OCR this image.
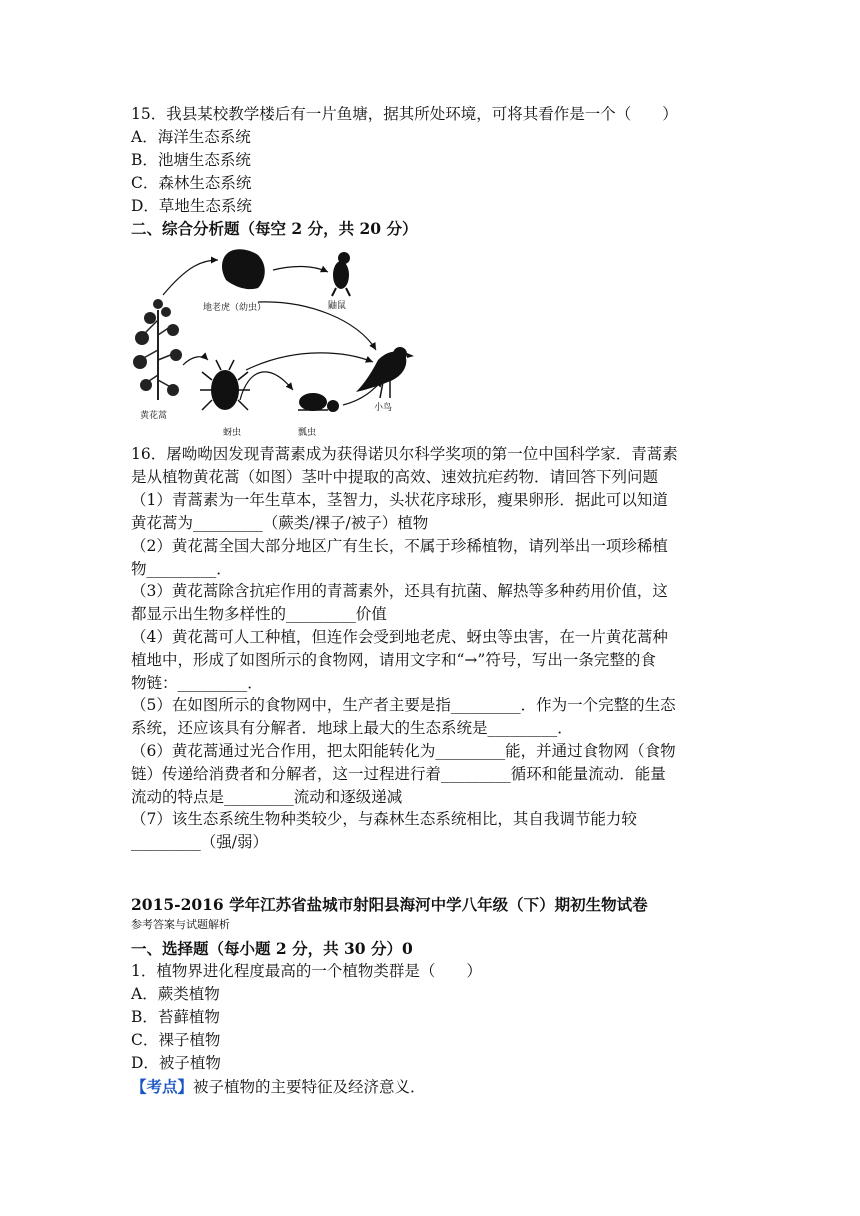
15．我县某校教学楼后有一片鱼塘，据其所处环境，可将其看作是一个（　　）
A．海洋生态系统
B．池塘生态系统
C．森林生态系统
D．草地生态系统
二、综合分析题（每空 2 分，共 20 分）
地老虎（幼虫）	鼬鼠
黄花蒿
蚜虫	瓢虫
小鸟
16．屠呦呦因发现青蒿素成为获得诺贝尔科学奖项的第一位中国科学家．青蒿素
是从植物黄花蒿（如图）茎叶中提取的高效、速效抗疟药物．请回答下列问题
（1）青蒿素为一年生草本，茎智力，头状花序球形，瘦果卵形．据此可以知道
黄花蒿为_________（蕨类/裸子/被子）植物
（2）黄花蒿全国大部分地区广有生长，不属于珍稀植物，请列举出一项珍稀植
物_________．
（3）黄花蒿除含抗疟作用的青蒿素外，还具有抗菌、解热等多种药用价值，这
都显示出生物多样性的_________价值
（4）黄花蒿可人工种植，但连作会受到地老虎、蚜虫等虫害，在一片黄花蒿种
植地中，形成了如图所示的食物网，请用文字和“→”符号，写出一条完整的食
物链：_________．
（5）在如图所示的食物网中，生产者主要是指_________．作为一个完整的生态
系统，还应该具有分解者．地球上最大的生态系统是_________．
（6）黄花蒿通过光合作用，把太阳能转化为_________能，并通过食物网（食物
链）传递给消费者和分解者，这一过程进行着_________循环和能量流动．能量
流动的特点是_________流动和逐级递减
（7）该生态系统生物种类较少，与森林生态系统相比，其自我调节能力较
_________（强/弱）
2015-2016 学年江苏省盐城市射阳县海河中学八年级（下）期初生物试卷
参考答案与试题解析
一、选择题（每小题 2 分，共 30 分）0
1．植物界进化程度最高的一个植物类群是（　　）
A．蕨类植物
B．苔藓植物
C．裸子植物
D．被子植物
【考点】被子植物的主要特征及经济意义．
